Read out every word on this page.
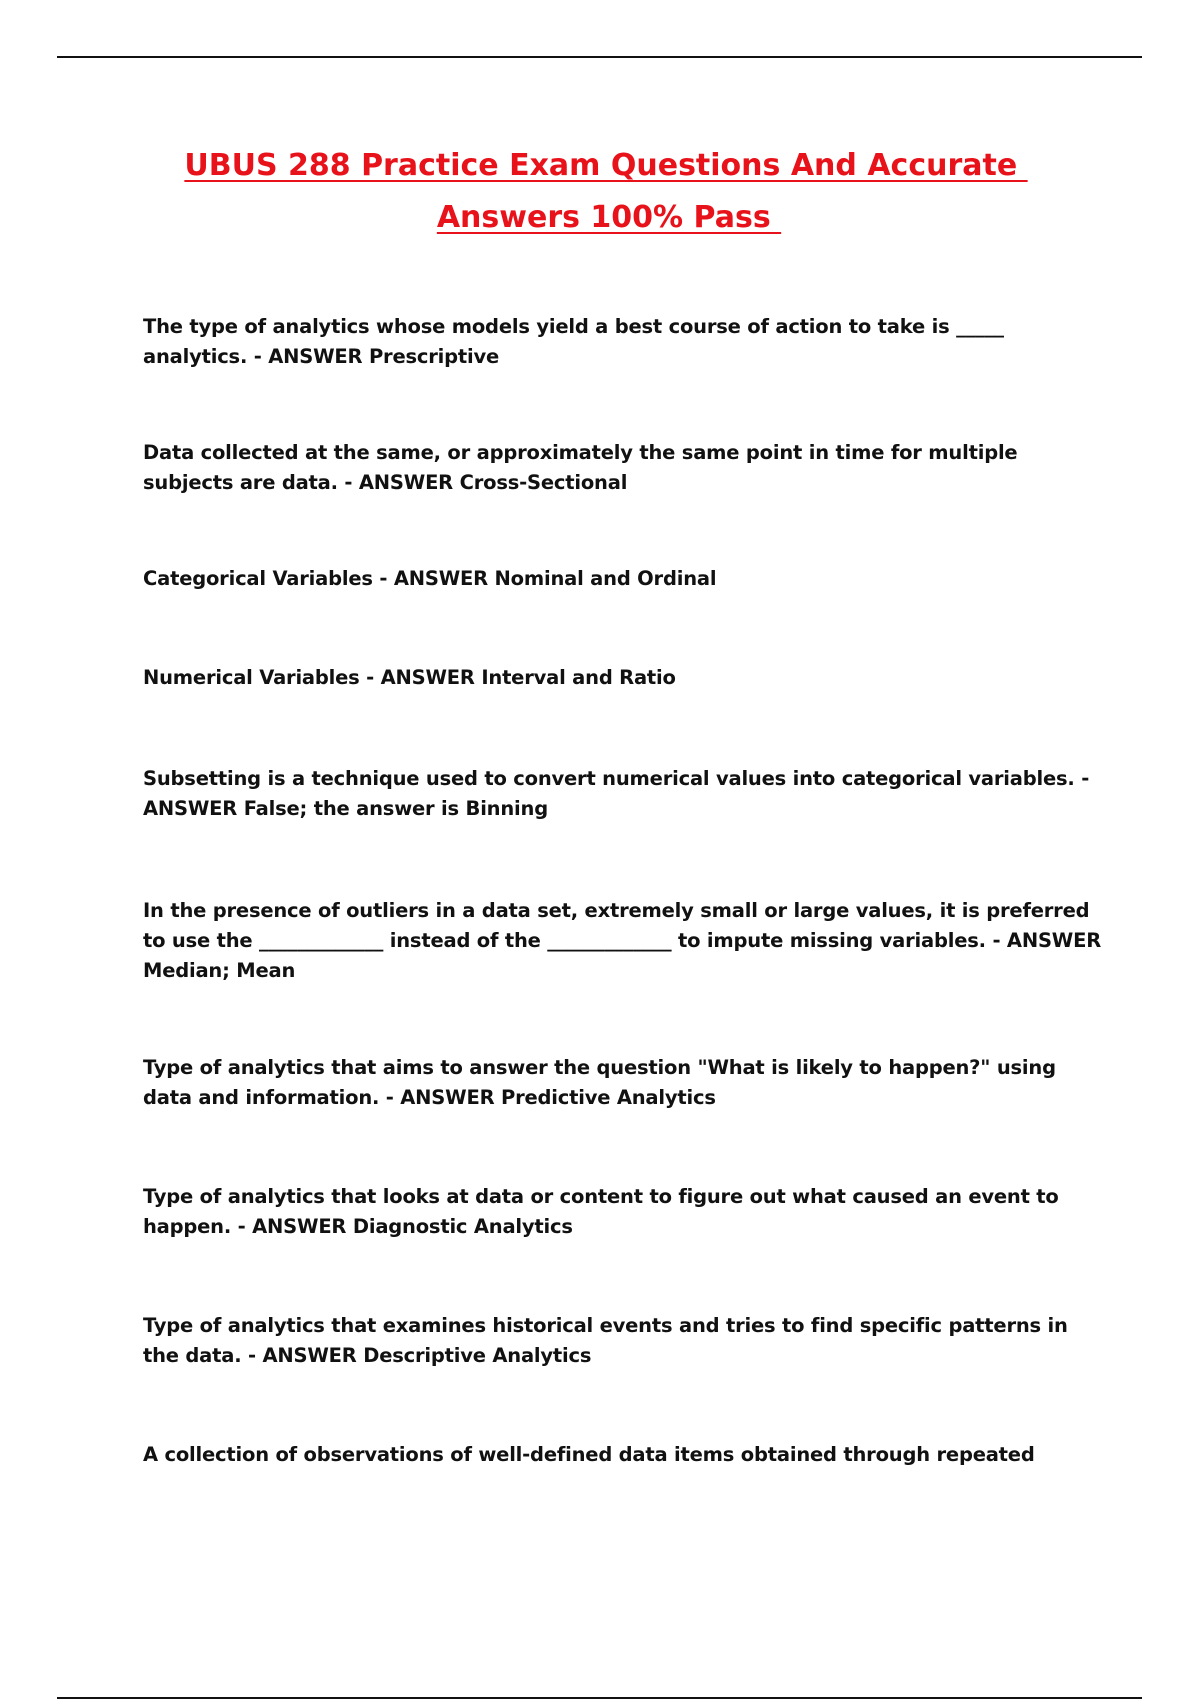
UBUS 288 Practice Exam Questions And Accurate
Answers 100% Pass

The type of analytics whose models yield a best course of action to take is _____ analytics. - ANSWER Prescriptive

Data collected at the same, or approximately the same point in time for multiple subjects are data. - ANSWER Cross-Sectional

Categorical Variables - ANSWER Nominal and Ordinal

Numerical Variables - ANSWER Interval and Ratio

Subsetting is a technique used to convert numerical values into categorical variables. - ANSWER False; the answer is Binning

In the presence of outliers in a data set, extremely small or large values, it is preferred to use the _____________ instead of the _____________ to impute missing variables. - ANSWER Median; Mean

Type of analytics that aims to answer the question "What is likely to happen?" using data and information. - ANSWER Predictive Analytics

Type of analytics that looks at data or content to figure out what caused an event to happen. - ANSWER Diagnostic Analytics

Type of analytics that examines historical events and tries to find specific patterns in the data. - ANSWER Descriptive Analytics

A collection of observations of well-defined data items obtained through repeated
